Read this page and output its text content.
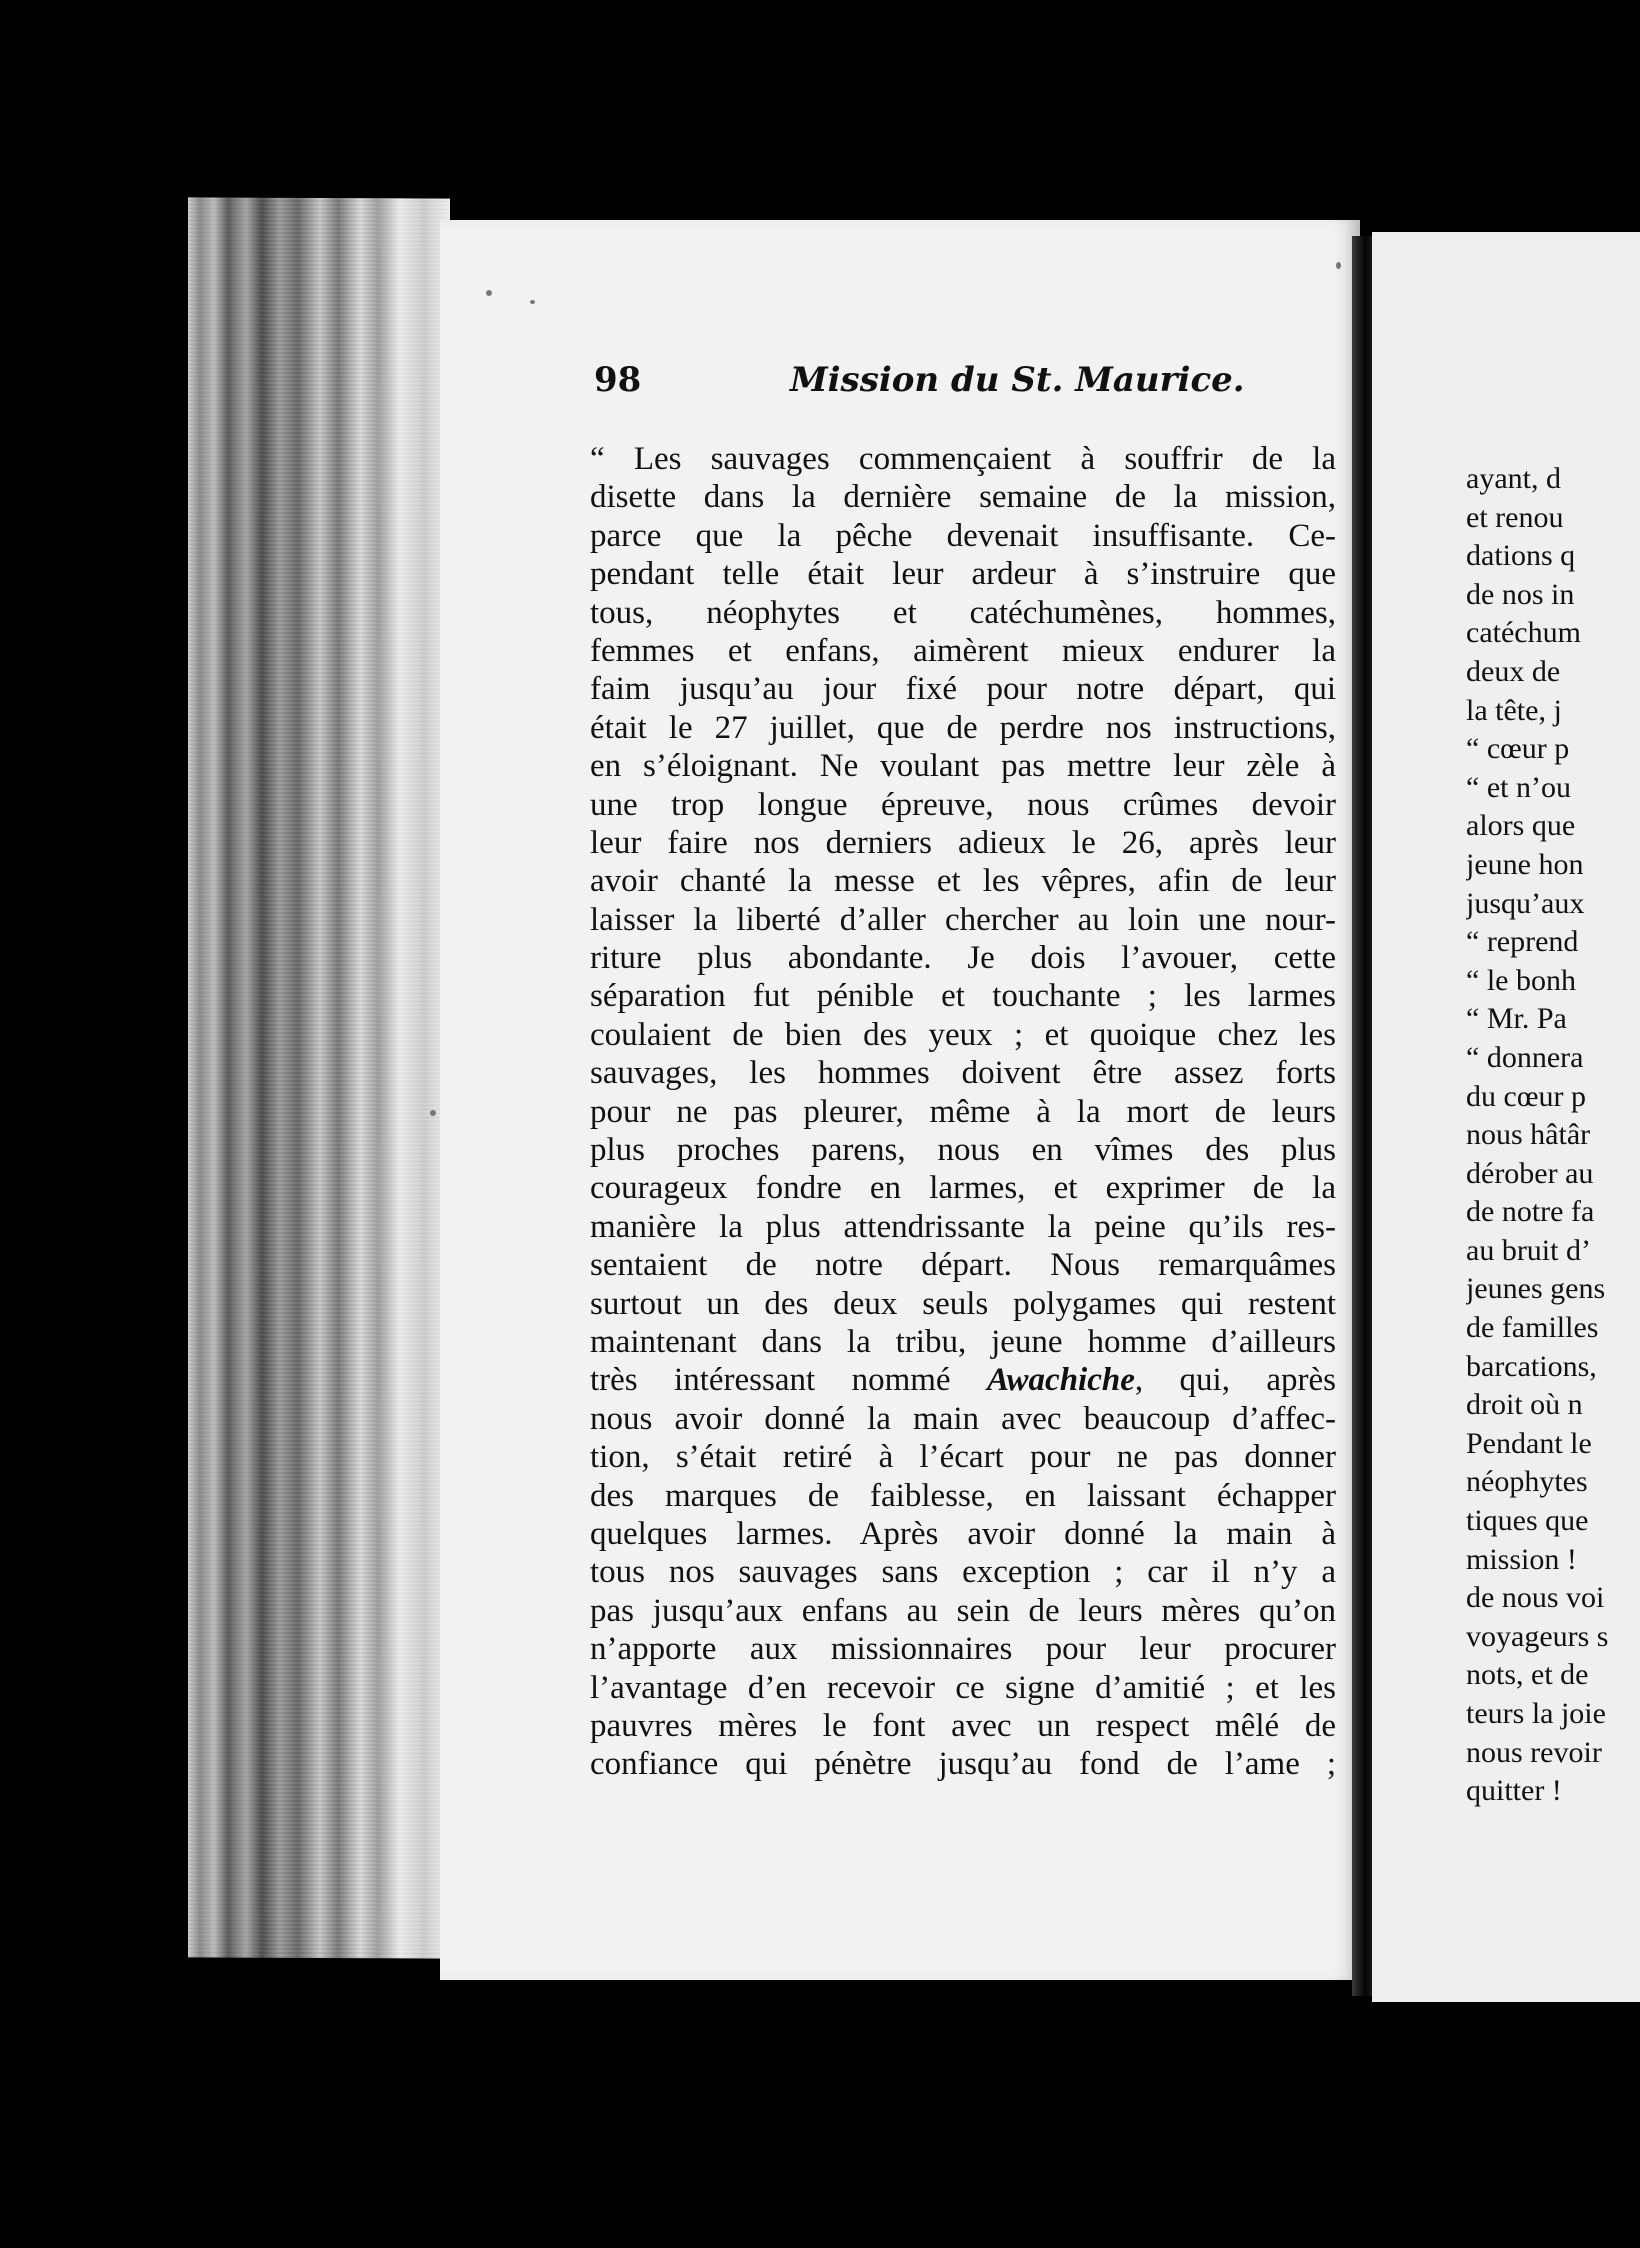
98	Mission du St. Maurice.
“ Les sauvages commençaient à souffrir de la
disette dans la dernière semaine de la mission,
parce que la pêche devenait insuffisante. Ce-
pendant telle était leur ardeur à s’instruire que
tous, néophytes et catéchumènes, hommes,
femmes et enfans, aimèrent mieux endurer la
faim jusqu’au jour fixé pour notre départ, qui
était le 27 juillet, que de perdre nos instructions,
en s’éloignant. Ne voulant pas mettre leur zèle à
une trop longue épreuve, nous crûmes devoir
leur faire nos derniers adieux le 26, après leur
avoir chanté la messe et les vêpres, afin de leur
laisser la liberté d’aller chercher au loin une nour-
riture plus abondante. Je dois l’avouer, cette
séparation fut pénible et touchante ; les larmes
coulaient de bien des yeux ; et quoique chez les
sauvages, les hommes doivent être assez forts
pour ne pas pleurer, même à la mort de leurs
plus proches parens, nous en vîmes des plus
courageux fondre en larmes, et exprimer de la
manière la plus attendrissante la peine qu’ils res-
sentaient de notre départ. Nous remarquâmes
surtout un des deux seuls polygames qui restent
maintenant dans la tribu, jeune homme d’ailleurs
très intéressant nommé Awachiche, qui, après
nous avoir donné la main avec beaucoup d’affec-
tion, s’était retiré à l’écart pour ne pas donner
des marques de faiblesse, en laissant échapper
quelques larmes. Après avoir donné la main à
tous nos sauvages sans exception ; car il n’y a
pas jusqu’aux enfans au sein de leurs mères qu’on
n’apporte aux missionnaires pour leur procurer
l’avantage d’en recevoir ce signe d’amitié ; et les
pauvres mères le font avec un respect mêlé de
confiance qui pénètre jusqu’au fond de l’ame ;
ayant, d
et renou
dations q
de nos in
catéchum
deux de
la tête, j
“ cœur p
“ et n’ou
alors que
jeune hon
jusqu’aux
“ reprend
“ le bonh
“ Mr. Pa
“ donnera
du cœur p
nous hâtâr
dérober au
de notre fa
au bruit d’
jeunes gens
de familles
barcations,
droit où n
Pendant le
néophytes
tiques que
mission !
de nous voi
voyageurs s
nots, et de
teurs la joie
nous revoir
quitter !
